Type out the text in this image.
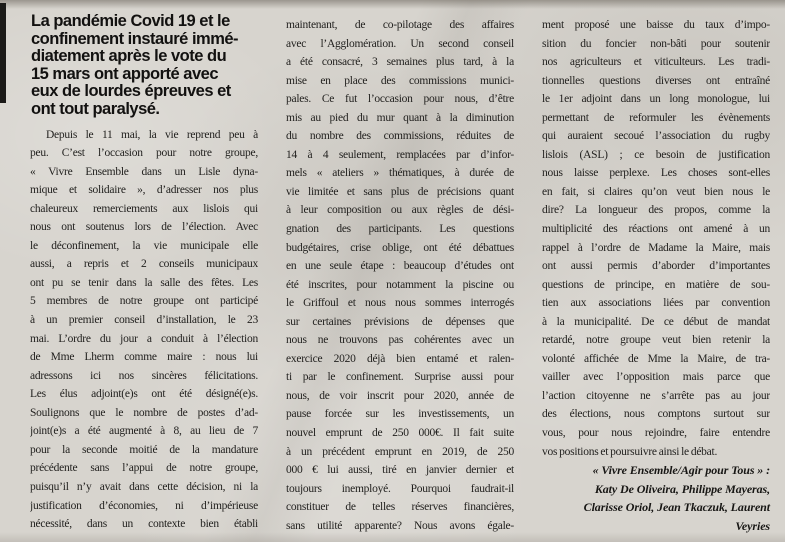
La pandémie Covid 19 et le
confinement instauré immé-
diatement après le vote du
15 mars ont apporté avec
eux de lourdes épreuves et
ont tout paralysé.
Depuis le 11 mai, la vie reprend peu à
peu. C’est l’occasion pour notre groupe,
« Vivre Ensemble dans un Lisle dyna-
mique et solidaire », d’adresser nos plus
chaleureux remerciements aux lislois qui
nous ont soutenus lors de l’élection. Avec
le déconfinement, la vie municipale elle
aussi, a repris et 2 conseils municipaux
ont pu se tenir dans la salle des fêtes. Les
5 membres de notre groupe ont participé
à un premier conseil d’installation, le 23
mai. L’ordre du jour a conduit à l’élection
de Mme Lherm comme maire : nous lui
adressons ici nos sincères félicitations.
Les élus adjoint(e)s ont été désigné(e)s.
Soulignons que le nombre de postes d’ad-
joint(e)s a été augmenté à 8, au lieu de 7
pour la seconde moitié de la mandature
précédente sans l’appui de notre groupe,
puisqu’il n’y avait dans cette décision, ni la
justification d’économies, ni d’impérieuse
nécessité, dans un contexte bien établi
maintenant, de co-pilotage des affaires
avec l’Agglomération. Un second conseil
a été consacré, 3 semaines plus tard, à la
mise en place des commissions munici-
pales. Ce fut l’occasion pour nous, d’être
mis au pied du mur quant à la diminution
du nombre des commissions, réduites de
14 à 4 seulement, remplacées par d’infor-
mels « ateliers » thématiques, à durée de
vie limitée et sans plus de précisions quant
à leur composition ou aux règles de dési-
gnation des participants. Les questions
budgétaires, crise oblige, ont été débattues
en une seule étape : beaucoup d’études ont
été inscrites, pour notamment la piscine ou
le Griffoul et nous nous sommes interrogés
sur certaines prévisions de dépenses que
nous ne trouvons pas cohérentes avec un
exercice 2020 déjà bien entamé et ralen-
ti par le confinement. Surprise aussi pour
nous, de voir inscrit pour 2020, année de
pause forcée sur les investissements, un
nouvel emprunt de 250 000€. Il fait suite
à un précédent emprunt en 2019, de 250
000 € lui aussi, tiré en janvier dernier et
toujours inemployé. Pourquoi faudrait-il
constituer de telles réserves financières,
sans utilité apparente? Nous avons égale-
ment proposé une baisse du taux d’impo-
sition du foncier non-bâti pour soutenir
nos agriculteurs et viticulteurs. Les tradi-
tionnelles questions diverses ont entraîné
le 1er adjoint dans un long monologue, lui
permettant de reformuler les évènements
qui auraient secoué l’association du rugby
lislois (ASL) ; ce besoin de justification
nous laisse perplexe. Les choses sont-elles
en fait, si claires qu’on veut bien nous le
dire? La longueur des propos, comme la
multiplicité des réactions ont amené à un
rappel à l’ordre de Madame la Maire, mais
ont aussi permis d’aborder d’importantes
questions de principe, en matière de sou-
tien aux associations liées par convention
à la municipalité. De ce début de mandat
retardé, notre groupe veut bien retenir la
volonté affichée de Mme la Maire, de tra-
vailler avec l’opposition mais parce que
l’action citoyenne ne s’arrête pas au jour
des élections, nous comptons surtout sur
vous, pour nous rejoindre, faire entendre
vos positions et poursuivre ainsi le débat.
« Vivre Ensemble/Agir pour Tous » :
Katy De Oliveira, Philippe Mayeras,
Clarisse Oriol, Jean Tkaczuk, Laurent
Veyries
